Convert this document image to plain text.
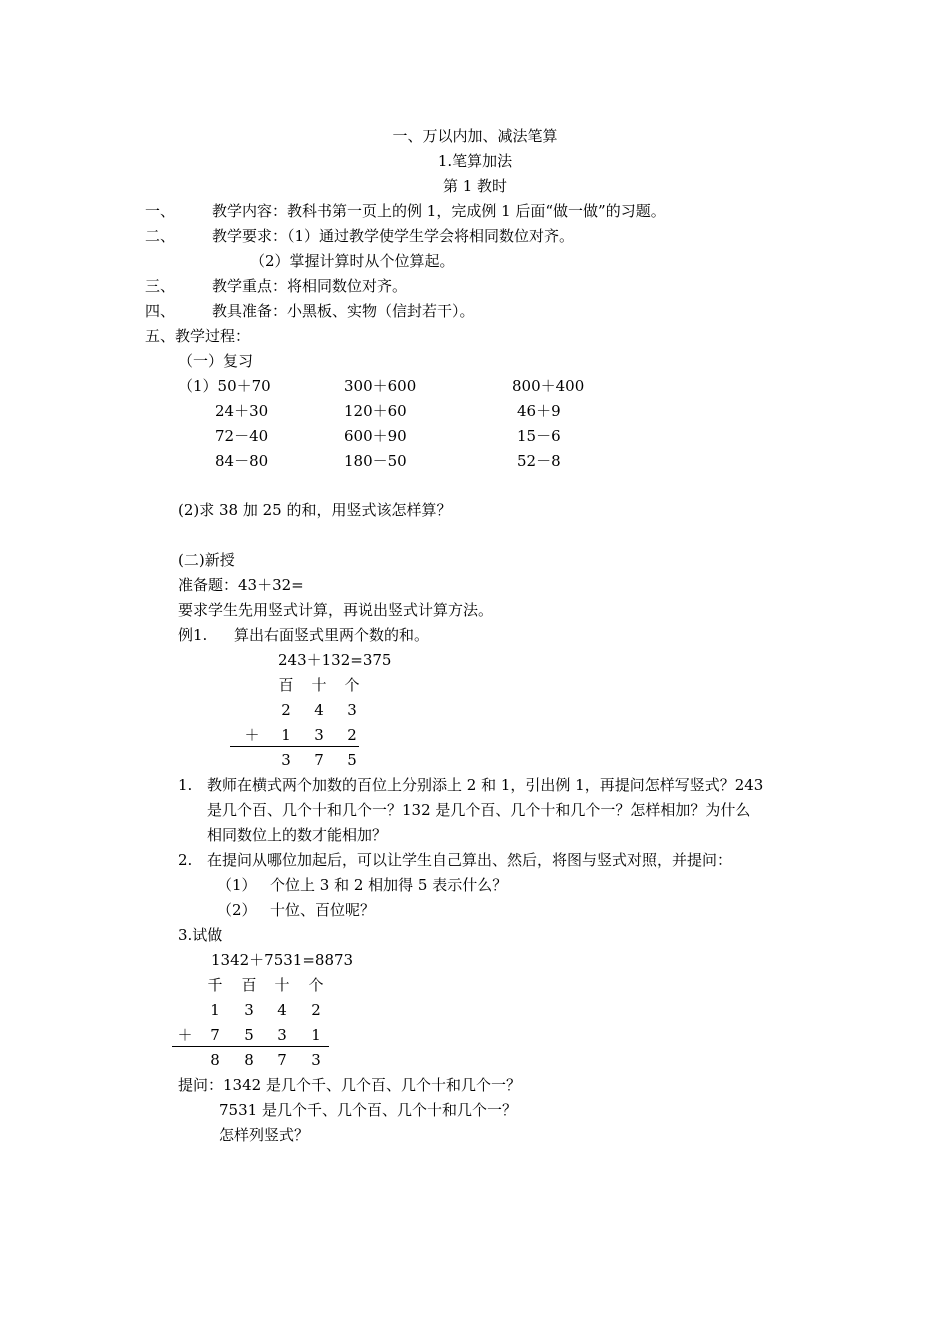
一、万以内加、减法笔算
1.笔算加法
第 1 教时
一、 教学内容：教科书第一页上的例 1，完成例 1 后面“做一做”的习题。
二、 教学要求：（1）通过教学使学生学会将相同数位对齐。
（2）掌握计算时从个位算起。
三、 教学重点：将相同数位对齐。
四、 教具准备：小黑板、实物（信封若干）。
五、教学过程：
（一）复习
（1）50＋70	300＋600	800＋400
24＋30	120＋60	46＋9
72－40	600＋90	15－6
84－80	180－50	52－8
(2)求 38 加 25 的和，用竖式该怎样算？
(二)新授
准备题：43＋32=
要求学生先用竖式计算，再说出竖式计算方法。
例1. 算出右面竖式里两个数的和。
243＋132=375
百	十	个
2	4	3
＋	1	3	2
3	7	5
1. 教师在横式两个加数的百位上分别添上 2 和 1，引出例 1，再提问怎样写竖式？243
是几个百、几个十和几个一？132 是几个百、几个十和几个一？怎样相加？为什么
相同数位上的数才能相加？
2. 在提问从哪位加起后，可以让学生自己算出、然后，将图与竖式对照，并提问：
（1） 个位上 3 和 2 相加得 5 表示什么？
（2） 十位、百位呢？
3.试做
1342＋7531=8873
千	百	十	个
1	3	4	2
＋	7	5	3	1
8	8	7	3
提问：1342 是几个千、几个百、几个十和几个一？
7531 是几个千、几个百、几个十和几个一？
怎样列竖式？
